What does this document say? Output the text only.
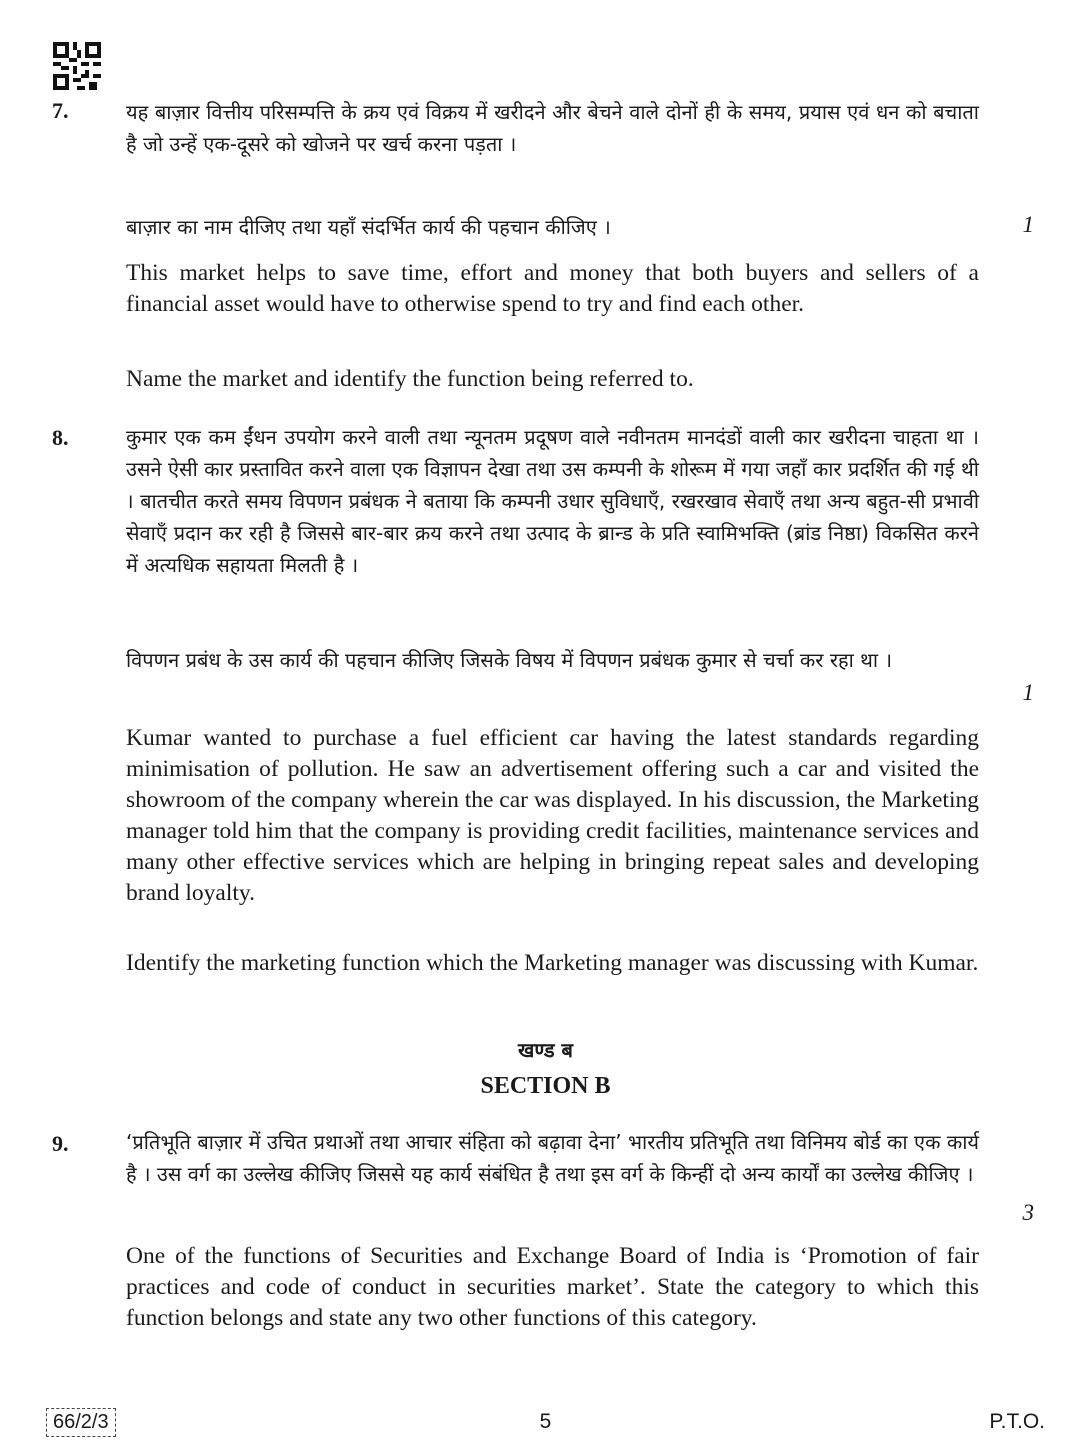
7.	यह बाज़ार वित्तीय परिसम्पत्ति के क्रय एवं विक्रय में खरीदने और बेचने वाले दोनों ही के समय, प्रयास एवं धन को बचाता है जो उन्हें एक-दूसरे को खोजने पर खर्च करना पड़ता ।
बाज़ार का नाम दीजिए तथा यहाँ संदर्भित कार्य की पहचान कीजिए ।	1
This market helps to save time, effort and money that both buyers and sellers of a financial asset would have to otherwise spend to try and find each other.
Name the market and identify the function being referred to.
8.	कुमार एक कम ईंधन उपयोग करने वाली तथा न्यूनतम प्रदूषण वाले नवीनतम मानदंडों वाली कार खरीदना चाहता था । उसने ऐसी कार प्रस्तावित करने वाला एक विज्ञापन देखा तथा उस कम्पनी के शोरूम में गया जहाँ कार प्रदर्शित की गई थी । बातचीत करते समय विपणन प्रबंधक ने बताया कि कम्पनी उधार सुविधाएँ, रखरखाव सेवाएँ तथा अन्य बहुत-सी प्रभावी सेवाएँ प्रदान कर रही है जिससे बार-बार क्रय करने तथा उत्पाद के ब्रान्ड के प्रति स्वामिभक्ति (ब्रांड निष्ठा) विकसित करने में अत्यधिक सहायता मिलती है ।
विपणन प्रबंध के उस कार्य की पहचान कीजिए जिसके विषय में विपणन प्रबंधक कुमार से चर्चा कर रहा था ।
1
Kumar wanted to purchase a fuel efficient car having the latest standards regarding minimisation of pollution. He saw an advertisement offering such a car and visited the showroom of the company wherein the car was displayed. In his discussion, the Marketing manager told him that the company is providing credit facilities, maintenance services and many other effective services which are helping in bringing repeat sales and developing brand loyalty.
Identify the marketing function which the Marketing manager was discussing with Kumar.
खण्ड ब
SECTION B
9.	‘प्रतिभूति बाज़ार में उचित प्रथाओं तथा आचार संहिता को बढ़ावा देना’ भारतीय प्रतिभूति तथा विनिमय बोर्ड का एक कार्य है । उस वर्ग का उल्लेख कीजिए जिससे यह कार्य संबंधित है तथा इस वर्ग के किन्हीं दो अन्य कार्यों का उल्लेख कीजिए ।
3
One of the functions of Securities and Exchange Board of India is ‘Promotion of fair practices and code of conduct in securities market’. State the category to which this function belongs and state any two other functions of this category.
66/2/3	5	P.T.O.
